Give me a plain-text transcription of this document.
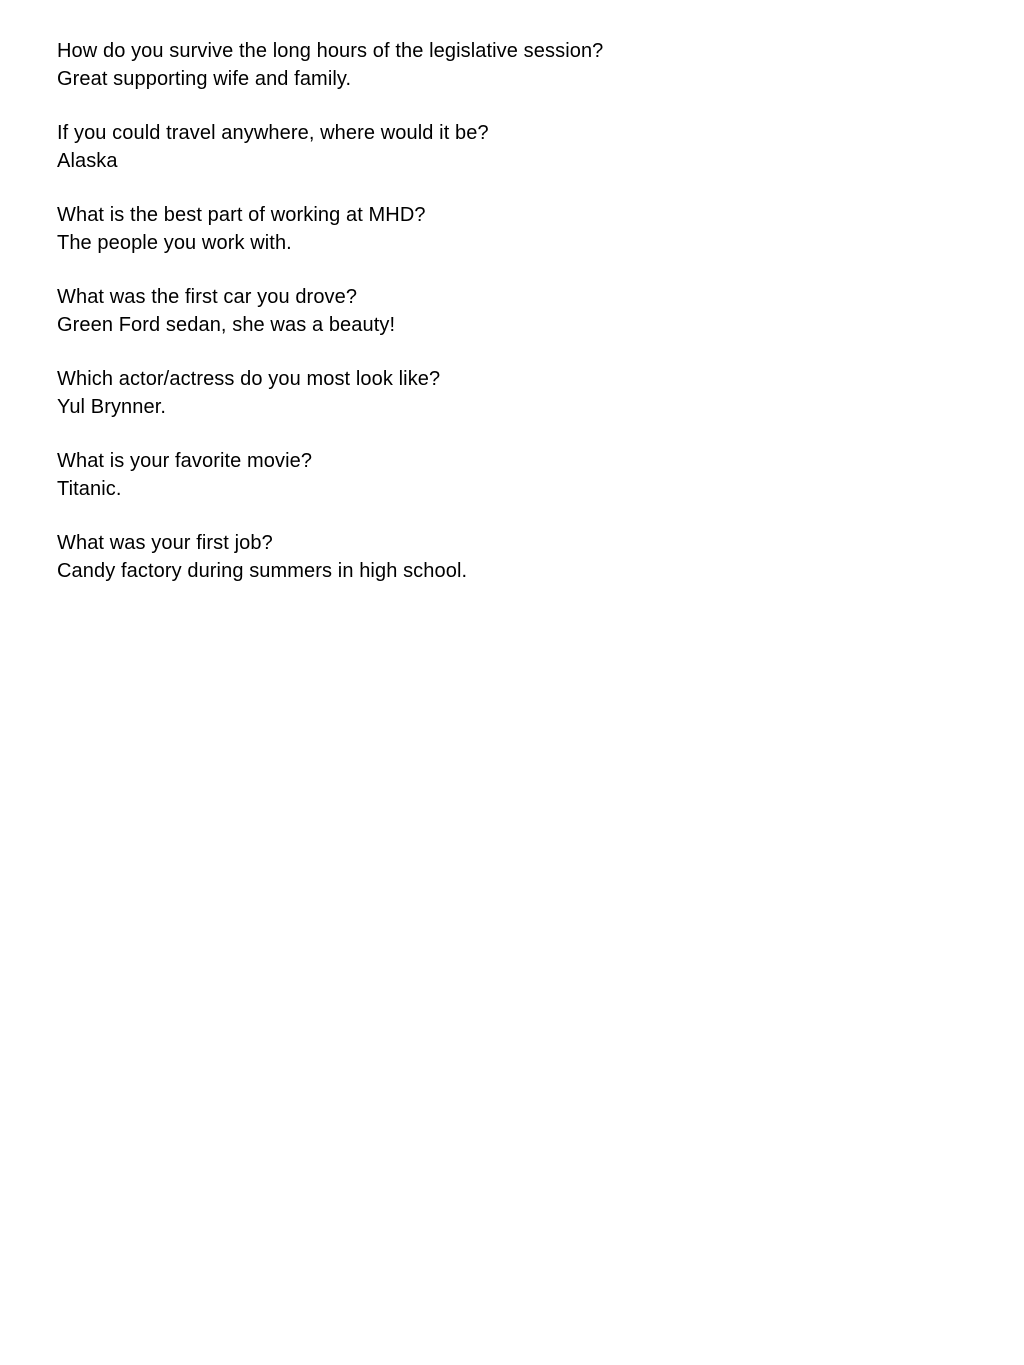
How do you survive the long hours of the legislative session?
Great supporting wife and family.
If you could travel anywhere, where would it be?
Alaska
What is the best part of working at MHD?
The people you work with.
What was the first car you drove?
Green Ford sedan, she was a beauty!
Which actor/actress do you most look like?
Yul Brynner.
What is your favorite movie?
Titanic.
What was your first job?
Candy factory during summers in high school.
